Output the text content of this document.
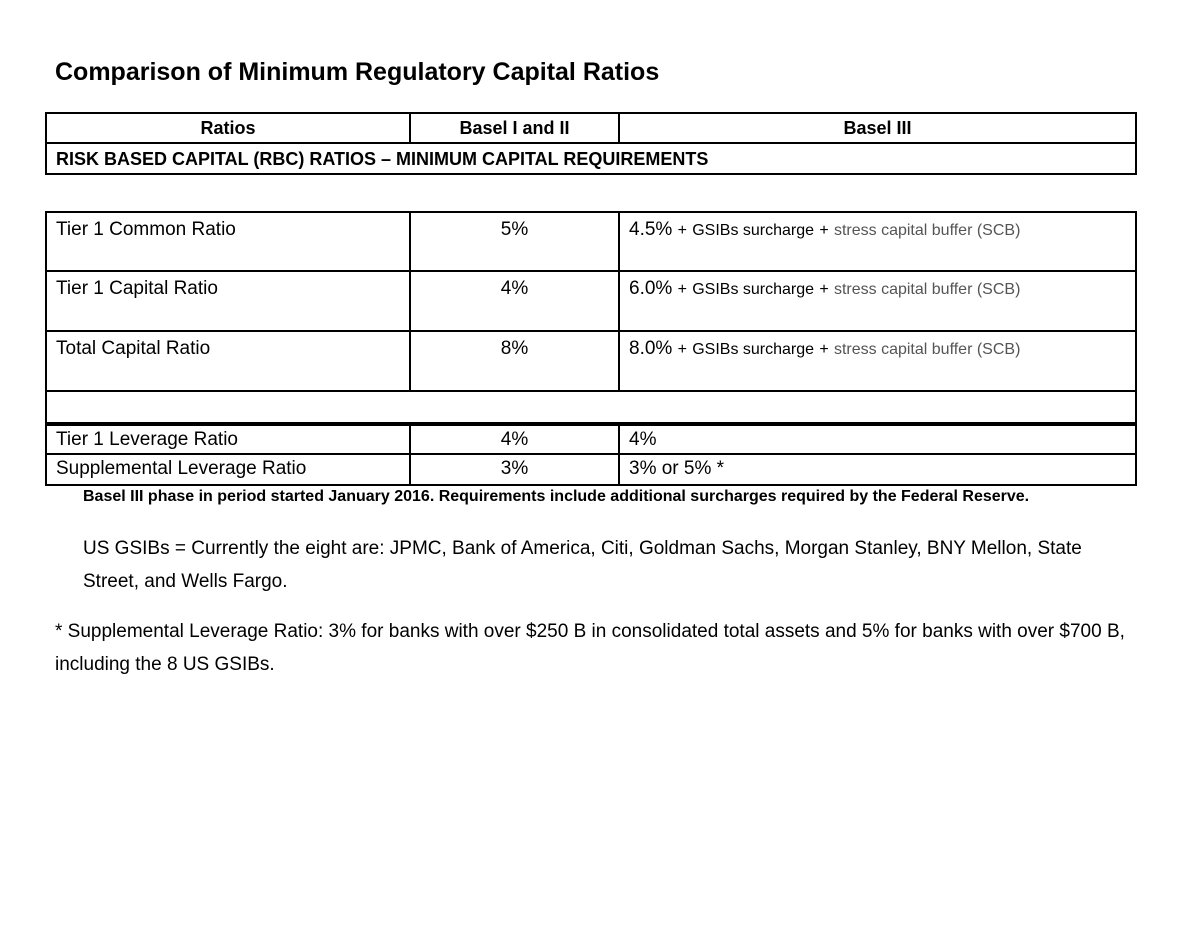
Comparison of Minimum Regulatory Capital Ratios
Ratios	Basel I and II	Basel III
RISK BASED CAPITAL (RBC) RATIOS – MINIMUM CAPITAL REQUIREMENTS
Tier 1 Common Ratio	5%	4.5% + GSIBs surcharge + stress capital buffer (SCB)
Tier 1 Capital Ratio	4%	6.0% + GSIBs surcharge + stress capital buffer (SCB)
Total Capital Ratio	8%	8.0% + GSIBs surcharge + stress capital buffer (SCB)
Tier 1 Leverage Ratio	4%	4%
Supplemental Leverage Ratio	3%	3% or 5% *
Basel III phase in period started January 2016. Requirements include additional surcharges required by the Federal Reserve.
US GSIBs = Currently the eight are: JPMC, Bank of America, Citi, Goldman Sachs, Morgan Stanley, BNY Mellon, State Street, and Wells Fargo.
* Supplemental Leverage Ratio: 3% for banks with over $250 B in consolidated total assets and 5% for banks with over $700 B, including the 8 US GSIBs.
